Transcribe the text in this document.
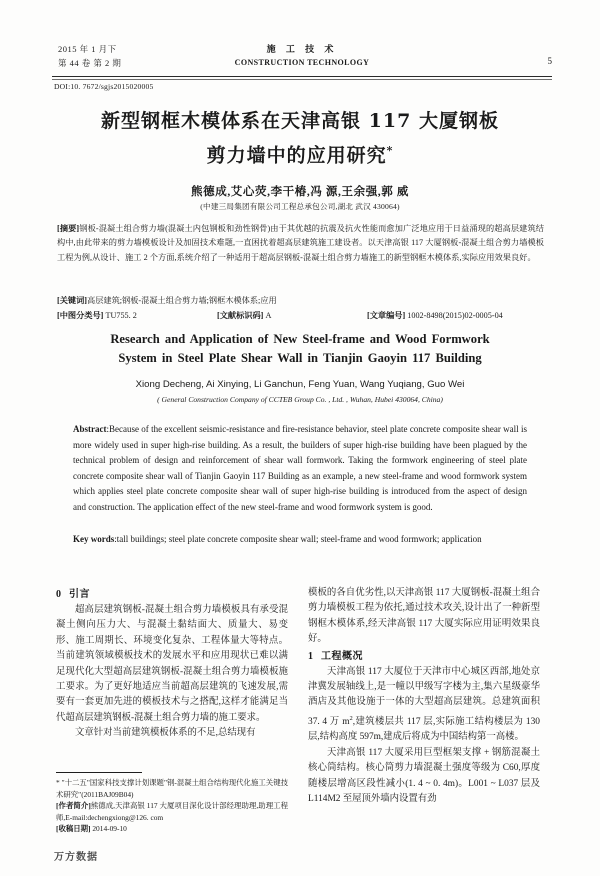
2015 年 1 月下
第 44 卷 第 2 期
施 工 技 术
CONSTRUCTION TECHNOLOGY	5
DOI:10. 7672/sgjs2015020005
新型钢框木模体系在天津高银 117 大厦钢板
剪力墙中的应用研究*
熊德成,艾心荧,李干椿,冯 源,王余强,郭 威
(中建三局集团有限公司工程总承包公司,湖北 武汉 430064)
[摘要]钢板-混凝土组合剪力墙(混凝土内包钢板和劲性钢骨)由于其优越的抗震及抗火性能而愈加广泛地应用于日益涌现的超高层建筑结构中,由此带来的剪力墙模板设计及加固技术难题,一直困扰着超高层建筑施工建设者。以天津高银 117 大厦钢板-混凝土组合剪力墙模板工程为例,从设计、施工 2 个方面,系统介绍了一种适用于超高层钢板-混凝土组合剪力墙施工的新型钢框木模体系,实际应用效果良好。
[关键词]高层建筑;钢板-混凝土组合剪力墙;钢框木模体系;应用
[中图分类号] TU755. 2	[文献标识码] A	[文章编号] 1002-8498(2015)02-0005-04
Research and Application of New Steel-frame and Wood Formwork
System in Steel Plate Shear Wall in Tianjin Gaoyin 117 Building
Xiong Decheng, Ai Xinying, Li Ganchun, Feng Yuan, Wang Yuqiang, Guo Wei
( General Construction Company of CCTEB Group Co. , Ltd. , Wuhan, Hubei 430064, China)
Abstract:Because of the excellent seismic-resistance and fire-resistance behavior, steel plate concrete composite shear wall is more widely used in super high-rise building. As a result, the builders of super high-rise building have been plagued by the technical problem of design and reinforcement of shear wall formwork. Taking the formwork engineering of steel plate concrete composite shear wall of Tianjin Gaoyin 117 Building as an example, a new steel-frame and wood formwork system which applies steel plate concrete composite shear wall of super high-rise building is introduced from the aspect of design and construction. The application effect of the new steel-frame and wood formwork system is good.
Key words:tall buildings; steel plate concrete composite shear wall; steel-frame and wood formwork; application
0 引言
超高层建筑钢板-混凝土组合剪力墙模板具有承受混凝土侧向压力大、与混凝土黏结面大、质量大、易变形、施工周期长、环境变化复杂、工程体量大等特点。当前建筑领域模板技术的发展水平和应用现状已难以满足现代化大型超高层建筑钢板-混凝土组合剪力墙模板施工要求。为了更好地适应当前超高层建筑的飞速发展,需要有一套更加先进的模板技术与之搭配,这样才能满足当代超高层建筑钢板-混凝土组合剪力墙的施工要求。
文章针对当前建筑模板体系的不足,总结现有
模板的各自优劣性,以天津高银 117 大厦钢板-混凝土组合剪力墙模板工程为依托,通过技术攻关,设计出了一种新型钢框木模体系,经天津高银 117 大厦实际应用证明效果良好。
1 工程概况
天津高银 117 大厦位于天津市中心城区西部,地处京津冀发展轴线上,是一幢以甲级写字楼为主,集六星级豪华酒店及其他设施于一体的大型超高层建筑。总建筑面积 37. 4 万 $m^2$,建筑楼层共 117 层,实际施工结构楼层为 130 层,结构高度 597m,建成后将成为中国结构第一高楼。
天津高银 117 大厦采用巨型框架支撑 + 钢筋混凝土核心筒结构。核心筒剪力墙混凝土强度等级为 C60,厚度随楼层增高区段性减小(1. 4 ~ 0. 4m)。L001 ~ L037 层及 L114M2 至屋顶外墙内设置有劲
* "十二五"国家科技支撑计划课题"钢-混凝土组合结构现代化施工关键技术研究"(2011BAJ09B04)
[作者简介]熊德成,天津高银 117 大厦项目深化设计部经理助理,助理工程师,E-mail:dechengxiong@126. com
[收稿日期] 2014-09-10
万方数据
